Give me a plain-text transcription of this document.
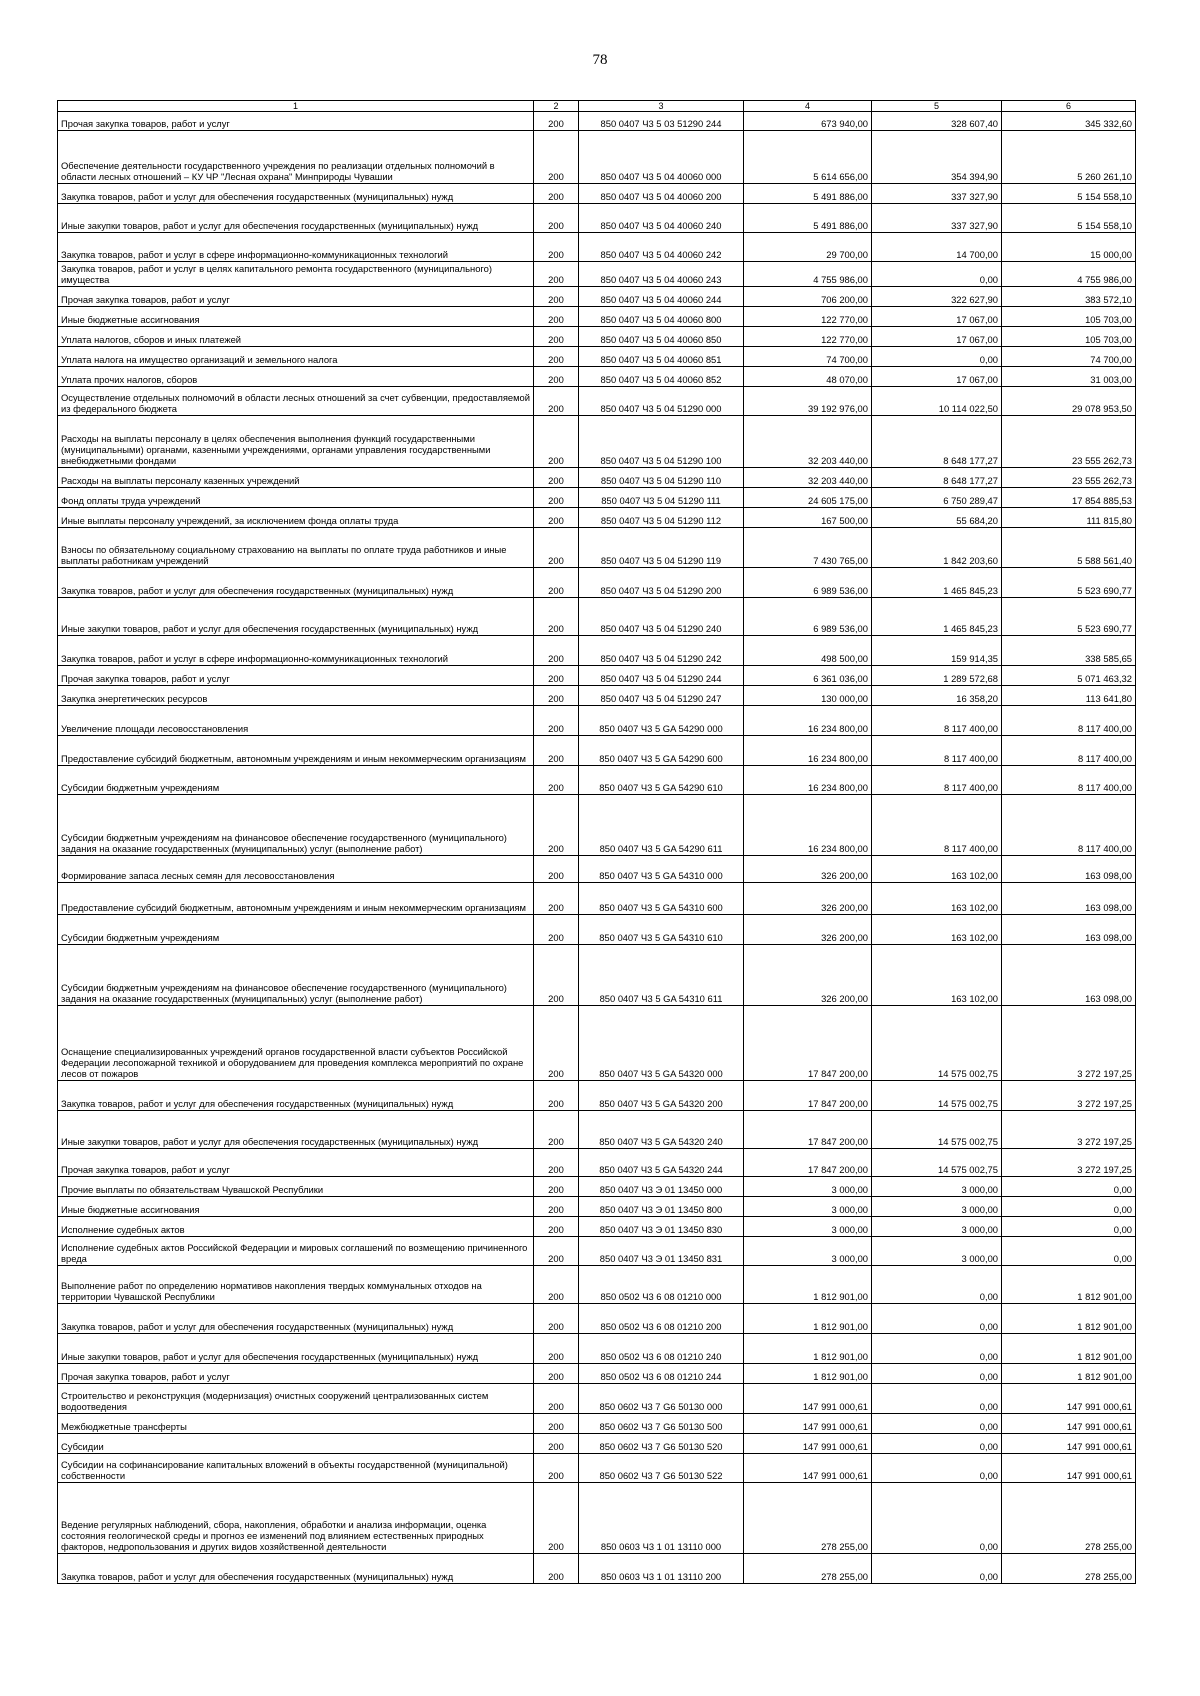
78
1	2	3	4	5	6
Прочая закупка товаров, работ и услуг	200	850 0407 Ч3 5 03 51290 244	673 940,00	328 607,40	345 332,60
Обеспечение деятельности государственного учреждения по реализации отдельных полномочий в области лесных отношений – КУ ЧР "Лесная охрана" Минприроды Чувашии	200	850 0407 Ч3 5 04 40060 000	5 614 656,00	354 394,90	5 260 261,10
Закупка товаров, работ и услуг для обеспечения государственных (муниципальных) нужд	200	850 0407 Ч3 5 04 40060 200	5 491 886,00	337 327,90	5 154 558,10
Иные закупки товаров, работ и услуг для обеспечения государственных (муниципальных) нужд	200	850 0407 Ч3 5 04 40060 240	5 491 886,00	337 327,90	5 154 558,10
Закупка товаров, работ и услуг в сфере информационно-коммуникационных технологий	200	850 0407 Ч3 5 04 40060 242	29 700,00	14 700,00	15 000,00
Закупка товаров, работ и услуг в целях капитального ремонта государственного (муниципального) имущества	200	850 0407 Ч3 5 04 40060 243	4 755 986,00	0,00	4 755 986,00
Прочая закупка товаров, работ и услуг	200	850 0407 Ч3 5 04 40060 244	706 200,00	322 627,90	383 572,10
Иные бюджетные ассигнования	200	850 0407 Ч3 5 04 40060 800	122 770,00	17 067,00	105 703,00
Уплата налогов, сборов и иных платежей	200	850 0407 Ч3 5 04 40060 850	122 770,00	17 067,00	105 703,00
Уплата налога на имущество организаций и земельного налога	200	850 0407 Ч3 5 04 40060 851	74 700,00	0,00	74 700,00
Уплата прочих налогов, сборов	200	850 0407 Ч3 5 04 40060 852	48 070,00	17 067,00	31 003,00
Осуществление отдельных полномочий в области лесных отношений за счет субвенции, предоставляемой из федерального бюджета	200	850 0407 Ч3 5 04 51290 000	39 192 976,00	10 114 022,50	29 078 953,50
Расходы на выплаты персоналу в целях обеспечения выполнения функций государственными (муниципальными) органами, казенными учреждениями, органами управления государственными внебюджетными фондами	200	850 0407 Ч3 5 04 51290 100	32 203 440,00	8 648 177,27	23 555 262,73
Расходы на выплаты персоналу казенных учреждений	200	850 0407 Ч3 5 04 51290 110	32 203 440,00	8 648 177,27	23 555 262,73
Фонд оплаты труда учреждений	200	850 0407 Ч3 5 04 51290 111	24 605 175,00	6 750 289,47	17 854 885,53
Иные выплаты персоналу учреждений, за исключением фонда оплаты труда	200	850 0407 Ч3 5 04 51290 112	167 500,00	55 684,20	111 815,80
Взносы по обязательному социальному страхованию на выплаты по оплате труда работников и иные выплаты работникам учреждений	200	850 0407 Ч3 5 04 51290 119	7 430 765,00	1 842 203,60	5 588 561,40
Закупка товаров, работ и услуг для обеспечения государственных (муниципальных) нужд	200	850 0407 Ч3 5 04 51290 200	6 989 536,00	1 465 845,23	5 523 690,77
Иные закупки товаров, работ и услуг для обеспечения государственных (муниципальных) нужд	200	850 0407 Ч3 5 04 51290 240	6 989 536,00	1 465 845,23	5 523 690,77
Закупка товаров, работ и услуг в сфере информационно-коммуникационных технологий	200	850 0407 Ч3 5 04 51290 242	498 500,00	159 914,35	338 585,65
Прочая закупка товаров, работ и услуг	200	850 0407 Ч3 5 04 51290 244	6 361 036,00	1 289 572,68	5 071 463,32
Закупка энергетических ресурсов	200	850 0407 Ч3 5 04 51290 247	130 000,00	16 358,20	113 641,80
Увеличение площади лесовосстановления	200	850 0407 Ч3 5 GA 54290 000	16 234 800,00	8 117 400,00	8 117 400,00
Предоставление субсидий бюджетным, автономным учреждениям и иным некоммерческим организациям	200	850 0407 Ч3 5 GA 54290 600	16 234 800,00	8 117 400,00	8 117 400,00
Субсидии бюджетным учреждениям	200	850 0407 Ч3 5 GA 54290 610	16 234 800,00	8 117 400,00	8 117 400,00
Субсидии бюджетным учреждениям на финансовое обеспечение государственного (муниципального) задания на оказание государственных (муниципальных) услуг (выполнение работ)	200	850 0407 Ч3 5 GA 54290 611	16 234 800,00	8 117 400,00	8 117 400,00
Формирование запаса лесных семян для лесовосстановления	200	850 0407 Ч3 5 GA 54310 000	326 200,00	163 102,00	163 098,00
Предоставление субсидий бюджетным, автономным учреждениям и иным некоммерческим организациям	200	850 0407 Ч3 5 GA 54310 600	326 200,00	163 102,00	163 098,00
Субсидии бюджетным учреждениям	200	850 0407 Ч3 5 GA 54310 610	326 200,00	163 102,00	163 098,00
Субсидии бюджетным учреждениям на финансовое обеспечение государственного (муниципального) задания на оказание государственных (муниципальных) услуг (выполнение работ)	200	850 0407 Ч3 5 GA 54310 611	326 200,00	163 102,00	163 098,00
Оснащение специализированных учреждений органов государственной власти субъектов Российской Федерации лесопожарной техникой и оборудованием для проведения комплекса мероприятий по охране лесов от пожаров	200	850 0407 Ч3 5 GA 54320 000	17 847 200,00	14 575 002,75	3 272 197,25
Закупка товаров, работ и услуг для обеспечения государственных (муниципальных) нужд	200	850 0407 Ч3 5 GA 54320 200	17 847 200,00	14 575 002,75	3 272 197,25
Иные закупки товаров, работ и услуг для обеспечения государственных (муниципальных) нужд	200	850 0407 Ч3 5 GA 54320 240	17 847 200,00	14 575 002,75	3 272 197,25
Прочая закупка товаров, работ и услуг	200	850 0407 Ч3 5 GA 54320 244	17 847 200,00	14 575 002,75	3 272 197,25
Прочие выплаты по обязательствам Чувашской Республики	200	850 0407 Ч3 Э 01 13450 000	3 000,00	3 000,00	0,00
Иные бюджетные ассигнования	200	850 0407 Ч3 Э 01 13450 800	3 000,00	3 000,00	0,00
Исполнение судебных актов	200	850 0407 Ч3 Э 01 13450 830	3 000,00	3 000,00	0,00
Исполнение судебных актов Российской Федерации и мировых соглашений по возмещению причиненного вреда	200	850 0407 Ч3 Э 01 13450 831	3 000,00	3 000,00	0,00
Выполнение работ по определению нормативов накопления твердых коммунальных отходов на территории Чувашской Республики	200	850 0502 Ч3 6 08 01210 000	1 812 901,00	0,00	1 812 901,00
Закупка товаров, работ и услуг для обеспечения государственных (муниципальных) нужд	200	850 0502 Ч3 6 08 01210 200	1 812 901,00	0,00	1 812 901,00
Иные закупки товаров, работ и услуг для обеспечения государственных (муниципальных) нужд	200	850 0502 Ч3 6 08 01210 240	1 812 901,00	0,00	1 812 901,00
Прочая закупка товаров, работ и услуг	200	850 0502 Ч3 6 08 01210 244	1 812 901,00	0,00	1 812 901,00
Строительство и реконструкция (модернизация) очистных сооружений централизованных систем водоотведения	200	850 0602 Ч3 7 G6 50130 000	147 991 000,61	0,00	147 991 000,61
Межбюджетные трансферты	200	850 0602 Ч3 7 G6 50130 500	147 991 000,61	0,00	147 991 000,61
Субсидии	200	850 0602 Ч3 7 G6 50130 520	147 991 000,61	0,00	147 991 000,61
Субсидии на софинансирование капитальных вложений в объекты государственной (муниципальной) собственности	200	850 0602 Ч3 7 G6 50130 522	147 991 000,61	0,00	147 991 000,61
Ведение регулярных наблюдений, сбора, накопления, обработки и анализа информации, оценка состояния геологической среды и прогноз ее изменений под влиянием естественных природных факторов, недропользования и других видов хозяйственной деятельности	200	850 0603 Ч3 1 01 13110 000	278 255,00	0,00	278 255,00
Закупка товаров, работ и услуг для обеспечения государственных (муниципальных) нужд	200	850 0603 Ч3 1 01 13110 200	278 255,00	0,00	278 255,00
